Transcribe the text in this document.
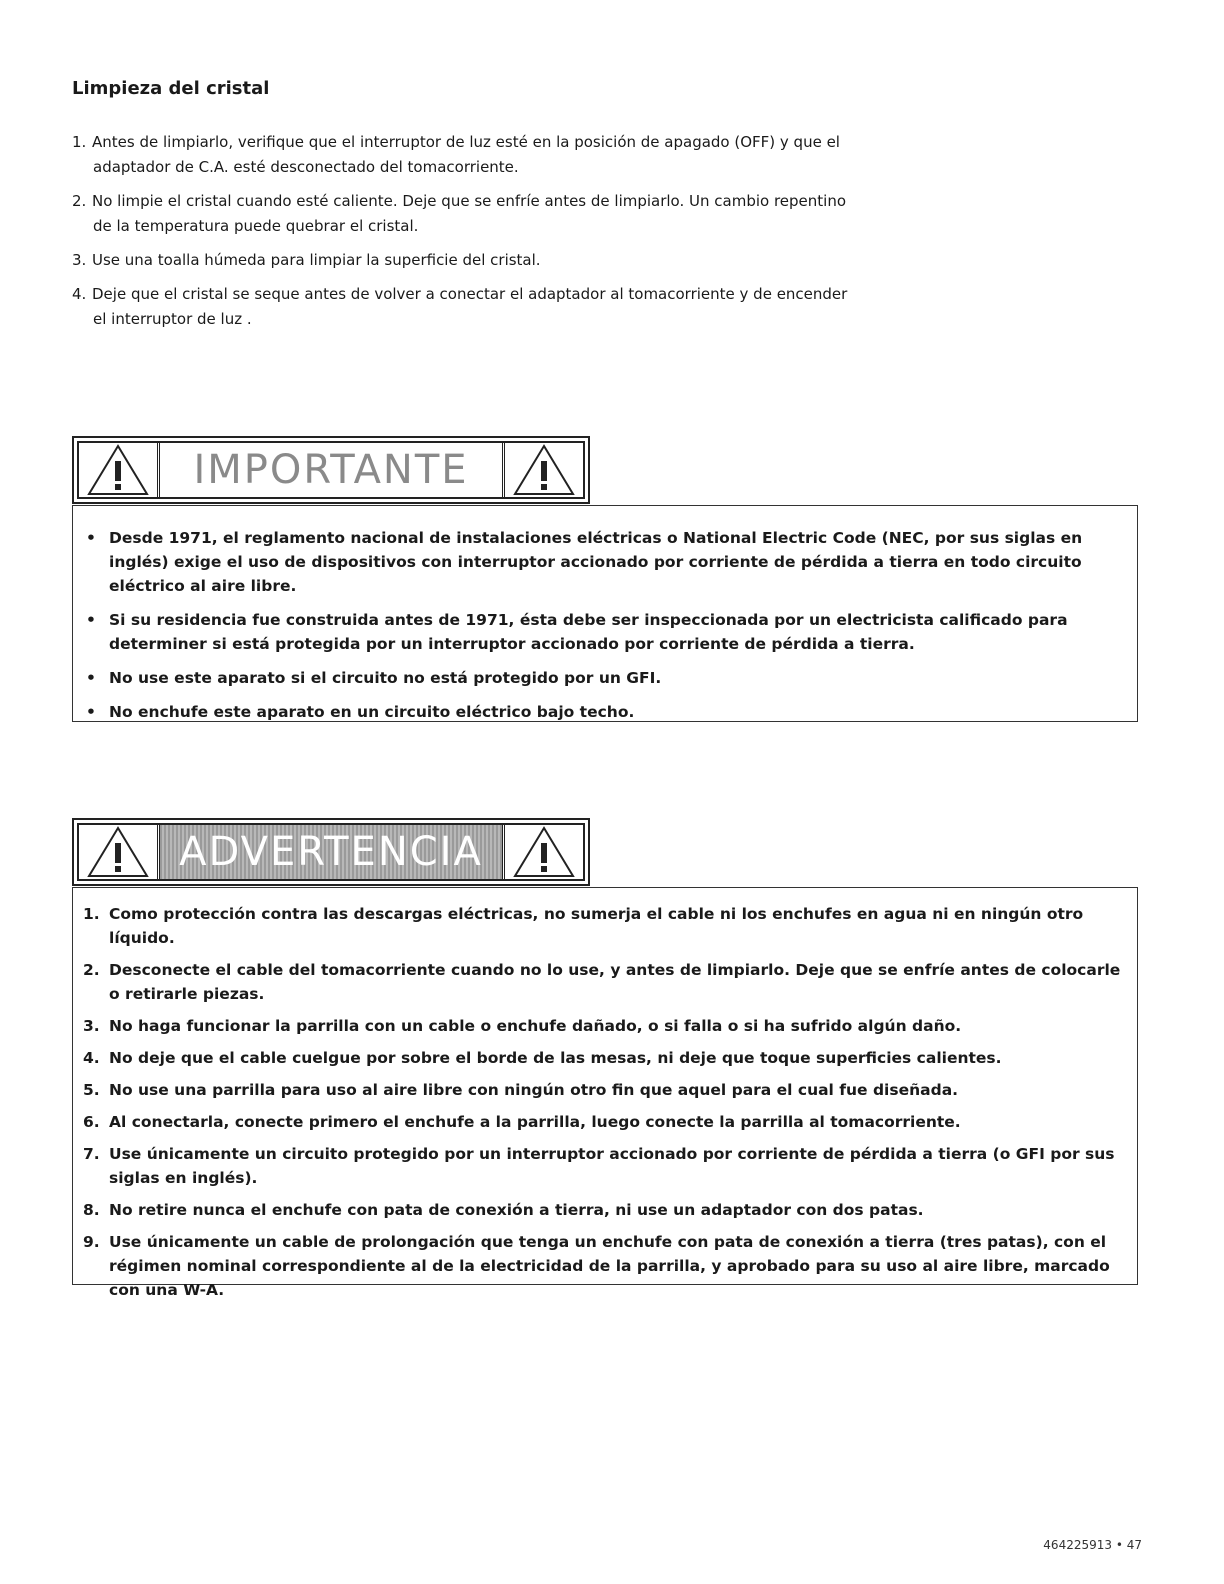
Limpieza del cristal
1. Antes de limpiarlo, verifique que el interruptor de luz esté en la posición de apagado (OFF) y que el
adaptador de C.A. esté desconectado del tomacorriente.
2. No limpie el cristal cuando esté caliente. Deje que se enfríe antes de limpiarlo. Un cambio repentino
de la temperatura puede quebrar el cristal.
3. Use una toalla húmeda para limpiar la superficie del cristal.
4. Deje que el cristal se seque antes de volver a conectar el adaptador al tomacorriente y de encender
el interruptor de luz .
IMPORTANTE
• Desde 1971, el reglamento nacional de instalaciones eléctricas o National Electric Code (NEC, por sus siglas en inglés) exige el uso de dispositivos con interruptor accionado por corriente de pérdida a tierra en todo circuito eléctrico al aire libre.
• Si su residencia fue construida antes de 1971, ésta debe ser inspeccionada por un electricista calificado para determiner si está protegida por un interruptor accionado por corriente de pérdida a tierra.
• No use este aparato si el circuito no está protegido por un GFI.
• No enchufe este aparato en un circuito eléctrico bajo techo.
ADVERTENCIA
1. Como protección contra las descargas eléctricas, no sumerja el cable ni los enchufes en agua ni en ningún otro líquido.
2. Desconecte el cable del tomacorriente cuando no lo use, y antes de limpiarlo. Deje que se enfríe antes de colocarle o retirarle piezas.
3. No haga funcionar la parrilla con un cable o enchufe dañado, o si falla o si ha sufrido algún daño.
4. No deje que el cable cuelgue por sobre el borde de las mesas, ni deje que toque superficies calientes.
5. No use una parrilla para uso al aire libre con ningún otro fin que aquel para el cual fue diseñada.
6. Al conectarla, conecte primero el enchufe a la parrilla, luego conecte la parrilla al tomacorriente.
7. Use únicamente un circuito protegido por un interruptor accionado por corriente de pérdida a tierra (o GFI por sus siglas en inglés).
8. No retire nunca el enchufe con pata de conexión a tierra, ni use un adaptador con dos patas.
9. Use únicamente un cable de prolongación que tenga un enchufe con pata de conexión a tierra (tres patas), con el régimen nominal correspondiente al de la electricidad de la parrilla, y aprobado para su uso al aire libre, marcado con una W-A.
464225913 • 47
